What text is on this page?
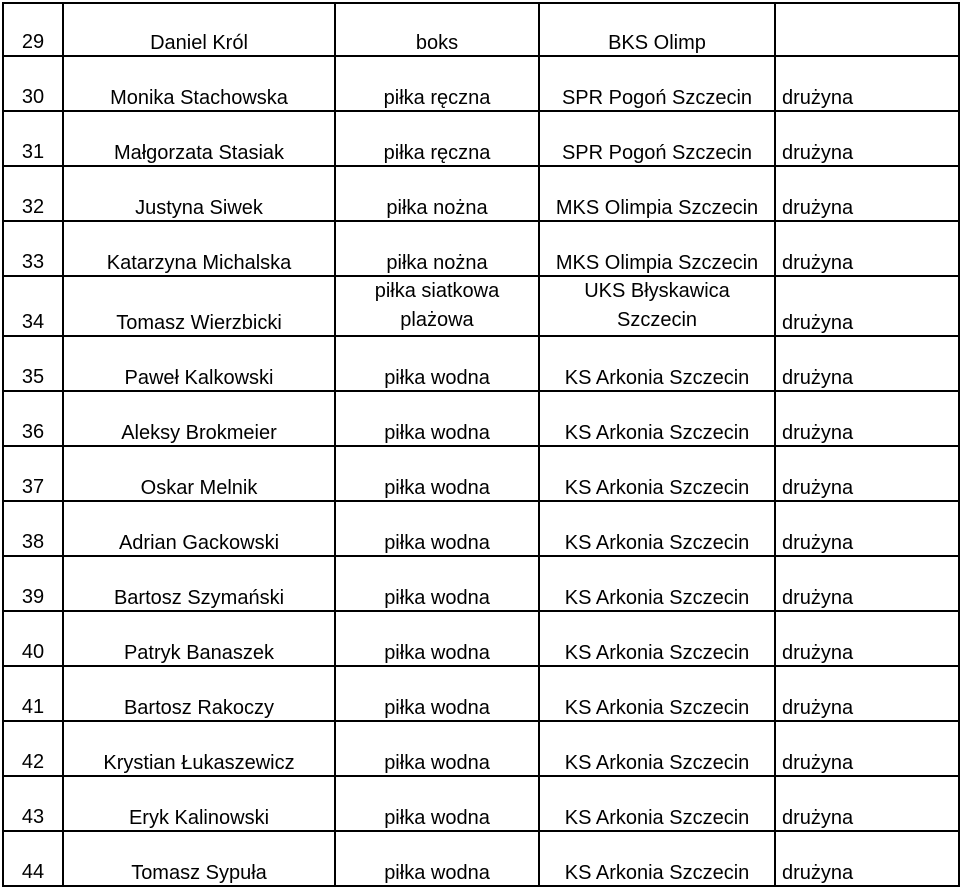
29	Daniel Król	boks	BKS Olimp	
30	Monika Stachowska	piłka ręczna	SPR Pogoń Szczecin	drużyna
31	Małgorzata Stasiak	piłka ręczna	SPR Pogoń Szczecin	drużyna
32	Justyna Siwek	piłka nożna	MKS Olimpia Szczecin	drużyna
33	Katarzyna Michalska	piłka nożna	MKS Olimpia Szczecin	drużyna
34	Tomasz Wierzbicki	piłka siatkowa plażowa	UKS Błyskawica Szczecin	drużyna
35	Paweł Kalkowski	piłka wodna	KS Arkonia Szczecin	drużyna
36	Aleksy Brokmeier	piłka wodna	KS Arkonia Szczecin	drużyna
37	Oskar Melnik	piłka wodna	KS Arkonia Szczecin	drużyna
38	Adrian Gackowski	piłka wodna	KS Arkonia Szczecin	drużyna
39	Bartosz Szymański	piłka wodna	KS Arkonia Szczecin	drużyna
40	Patryk Banaszek	piłka wodna	KS Arkonia Szczecin	drużyna
41	Bartosz Rakoczy	piłka wodna	KS Arkonia Szczecin	drużyna
42	Krystian Łukaszewicz	piłka wodna	KS Arkonia Szczecin	drużyna
43	Eryk Kalinowski	piłka wodna	KS Arkonia Szczecin	drużyna
44	Tomasz Sypuła	piłka wodna	KS Arkonia Szczecin	drużyna
